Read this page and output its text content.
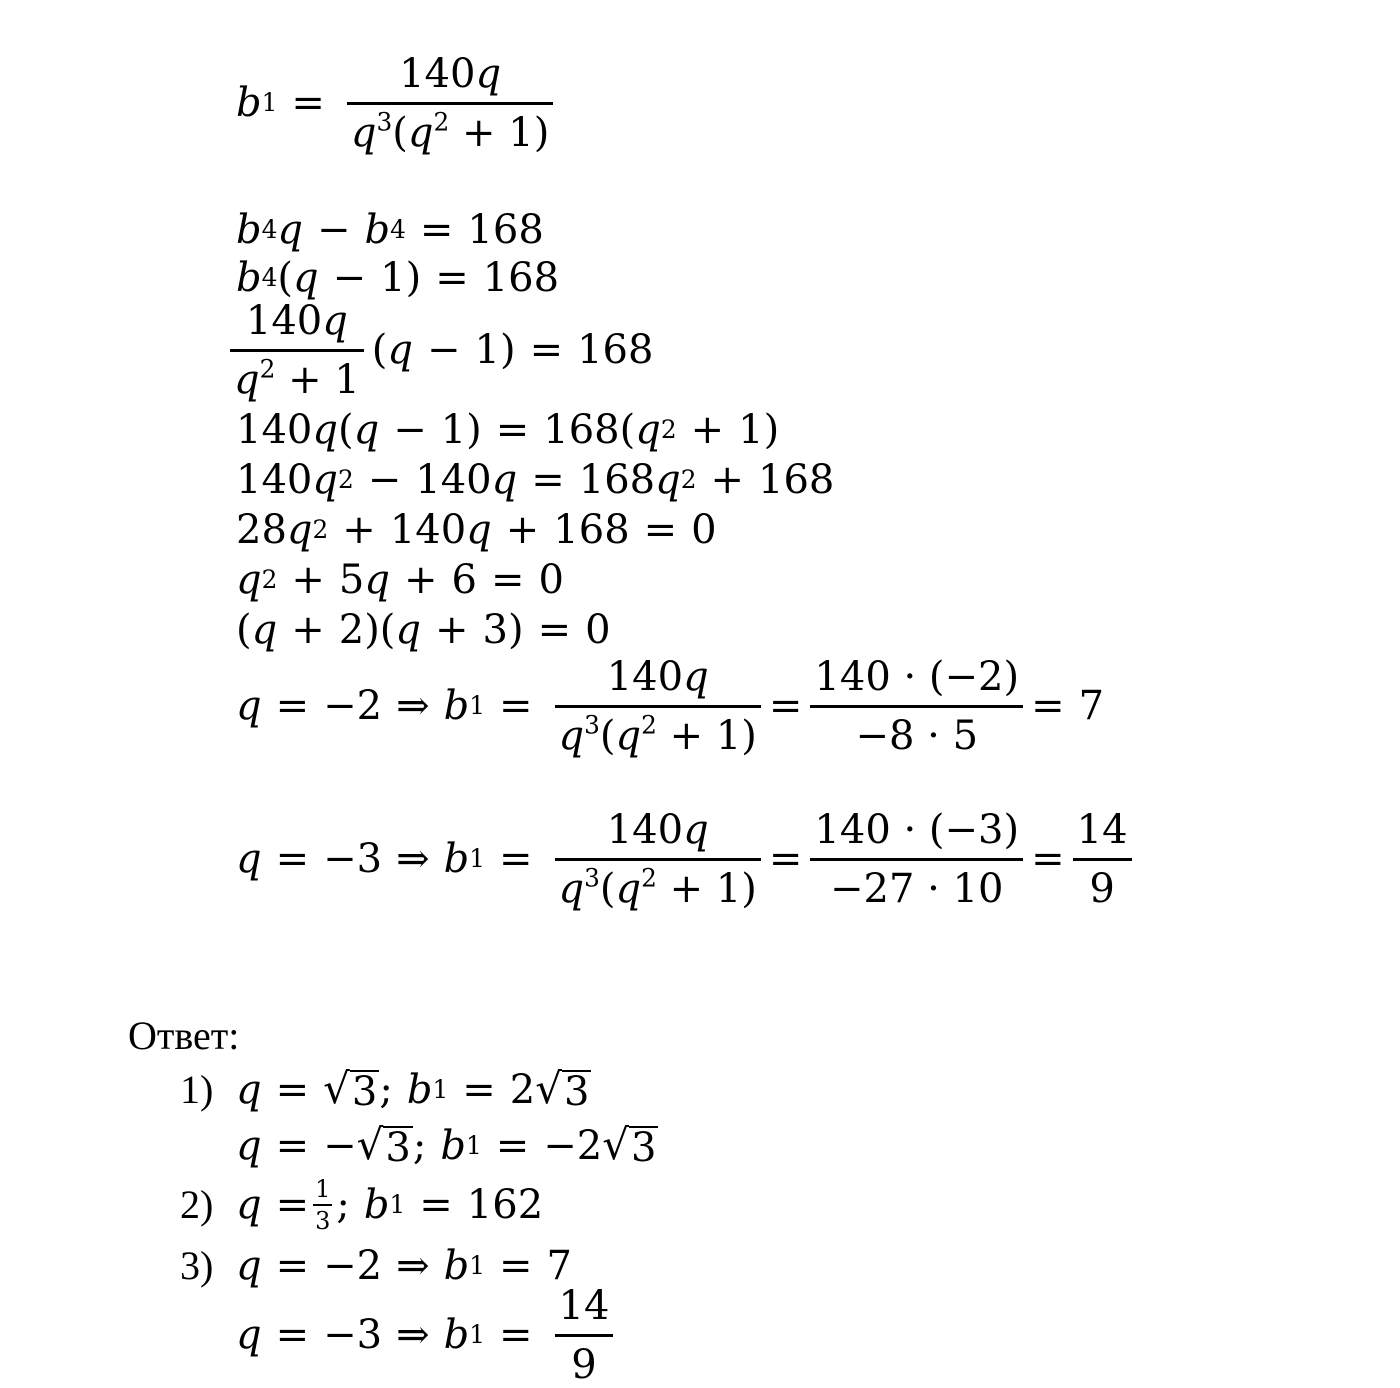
b $1 = \frac{140q}{q^3(q^2 + 1)}$
b 4 q − b 4 = 168
b 4 ( q − 1) = 168
$\frac{140q}{q^2 + 1}$ ( q − 1) = 168
140 q ( q − 1) = 168 ( q 2 + 1)
140 q 2 − 140 q = 168 q 2 + 168
28 q 2 + 140 q + 168 = 0
q 2 + 5 q + 6 = 0
( q + 2 )( q + 3 ) = 0
q = − 2 ⇒ b $1 = \frac{140q}{q^3(q^2 + 1)} = \frac{140 \cdot (-2)}{-8 \cdot 5} = 7$
q = − 3 ⇒ b $1 = \frac{140q}{q^3(q^2 + 1)} = \frac{140 \cdot (-3)}{-27 \cdot 10} = \frac{14}{9}$
Ответ:
1) q = √ 3 ; b 1 = 2 √ 3
q = − √ 3 ; b 1 = − 2 √ 3
2) $q = \frac{1}{3}$ ; b 1 = 162
3) q = − 2 ⇒ b 1 = 7
q = − 3 ⇒ b $1 = \frac{14}{9}$
